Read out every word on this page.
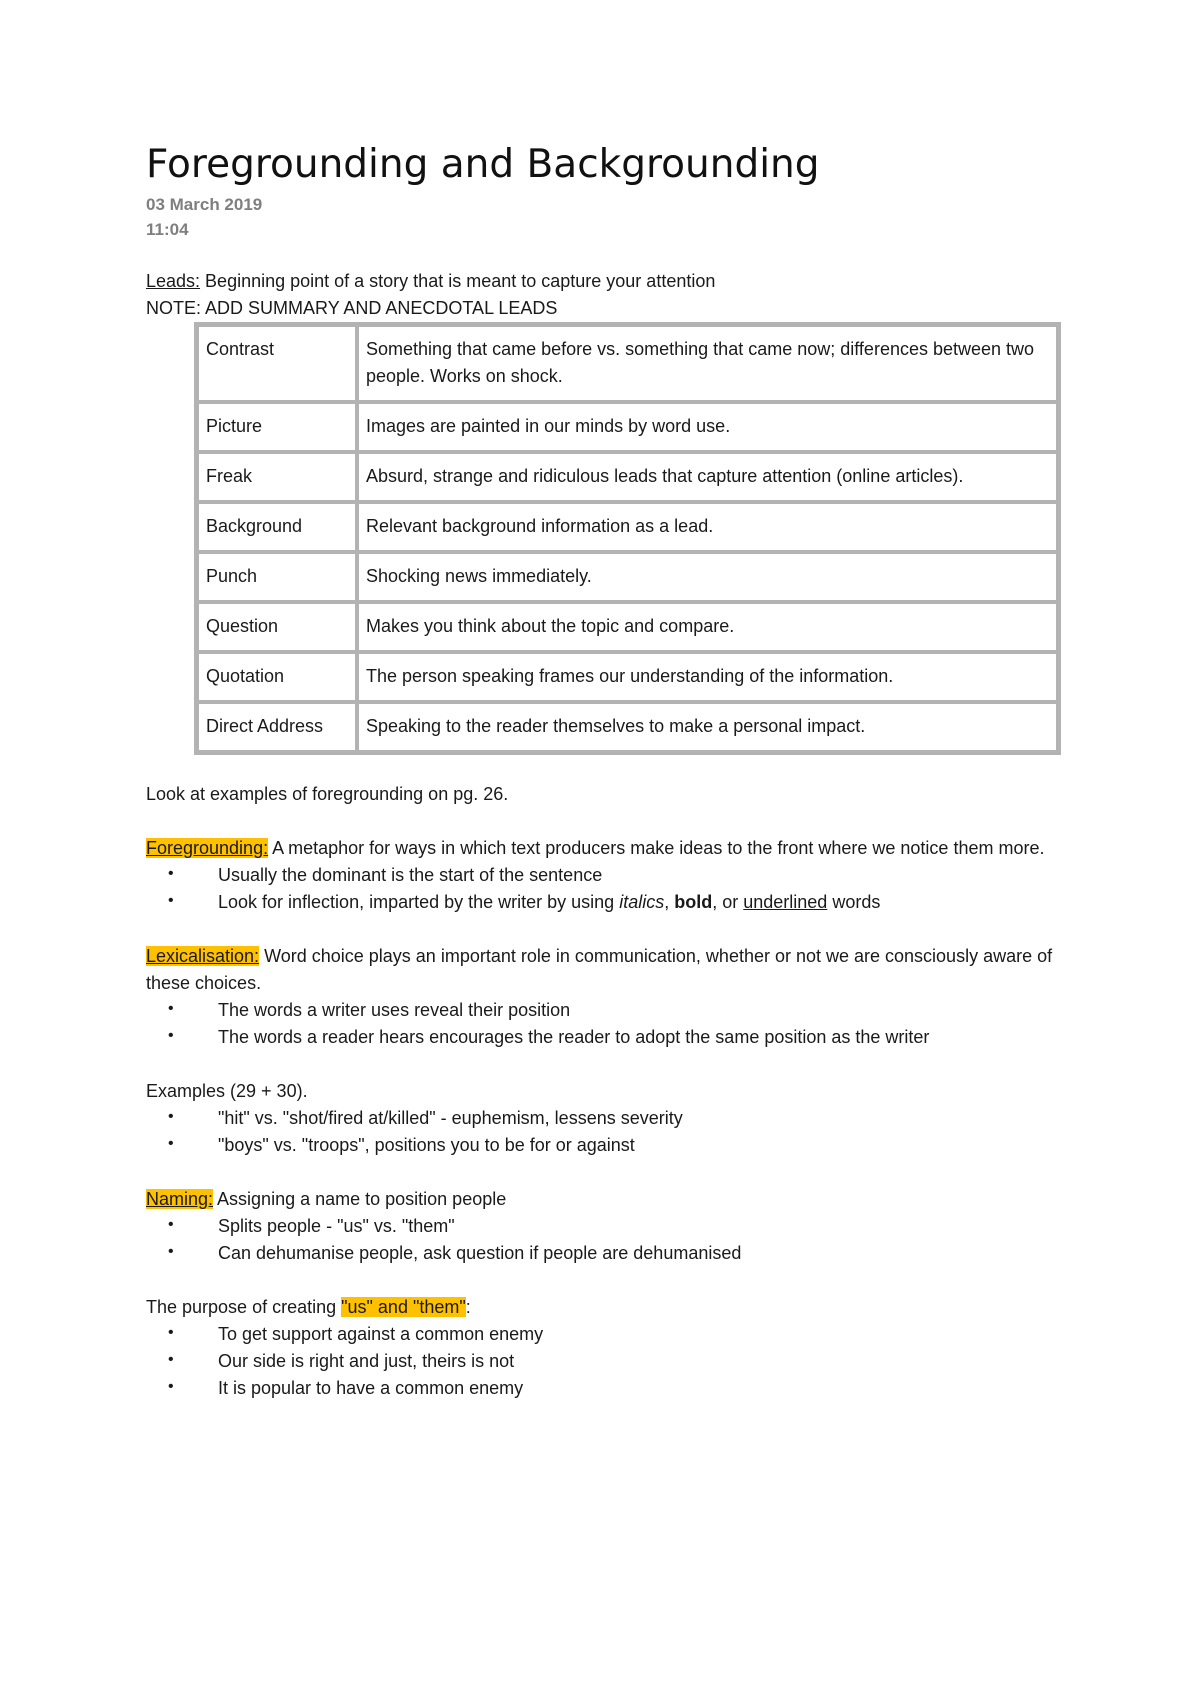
Foregrounding and Backgrounding
03 March 2019
11:04

Leads: Beginning point of a story that is meant to capture your attention

NOTE: ADD SUMMARY AND ANECDOTAL LEADS

Contrast	Something that came before vs. something that came now; differences between two people. Works on shock.
Picture	Images are painted in our minds by word use.
Freak	Absurd, strange and ridiculous leads that capture attention (online articles).
Background	Relevant background information as a lead.
Punch	Shocking news immediately.
Question	Makes you think about the topic and compare.
Quotation	The person speaking frames our understanding of the information.
Direct Address	Speaking to the reader themselves to make a personal impact.

Look at examples of foregrounding on pg. 26.

Foregrounding: A metaphor for ways in which text producers make ideas to the front where we notice them more.

• Usually the dominant is the start of the sentence
• Look for inflection, imparted by the writer by using italics, bold, or underlined words

Lexicalisation: Word choice plays an important role in communication, whether or not we are consciously aware of these choices.

• The words a writer uses reveal their position
• The words a reader hears encourages the reader to adopt the same position as the writer

Examples (29 + 30).

• "hit" vs. "shot/fired at/killed" - euphemism, lessens severity
• "boys" vs. "troops", positions you to be for or against

Naming: Assigning a name to position people

• Splits people - "us" vs. "them"
• Can dehumanise people, ask question if people are dehumanised

The purpose of creating "us" and "them":

• To get support against a common enemy
• Our side is right and just, theirs is not
• It is popular to have a common enemy
